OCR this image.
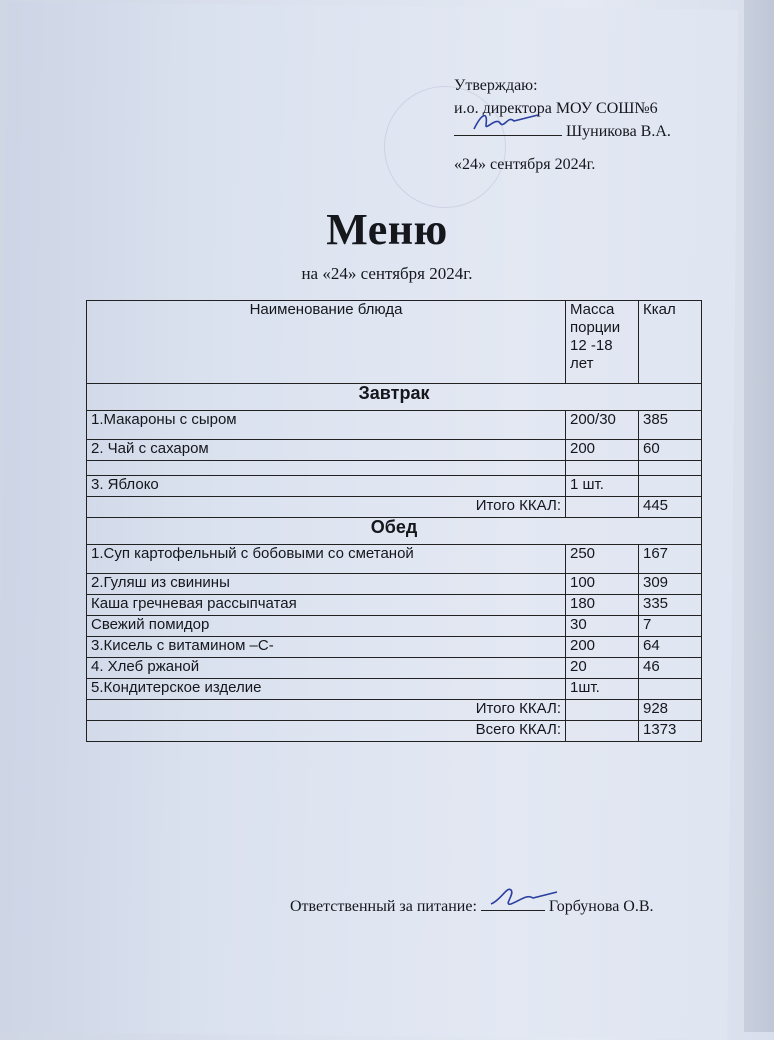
Утверждаю:
и.о. директора МОУ СОШ№6
Шуникова В.А.
«24» сентября 2024г.
Меню
на «24» сентября 2024г.
Наименование блюда	Масса порции 12 -18 лет	Ккал
Завтрак		
1.Макароны с сыром	200/30	385
2. Чай с сахаром	200	60

3. Яблоко	1 шт.	
Итого ККАЛ:		445
Обед		
1.Суп картофельный с бобовыми со сметаной	250	167
2.Гуляш из свинины	100	309
Каша гречневая рассыпчатая	180	335
Свежий помидор	30	7
3.Кисель с витамином –С-	200	64
4. Хлеб ржаной	20	46
5.Кондитерское изделие	1шт.	
Итого ККАЛ:		928
Всего ККАЛ:		1373
Ответственный за питание:	Горбунова О.В.
